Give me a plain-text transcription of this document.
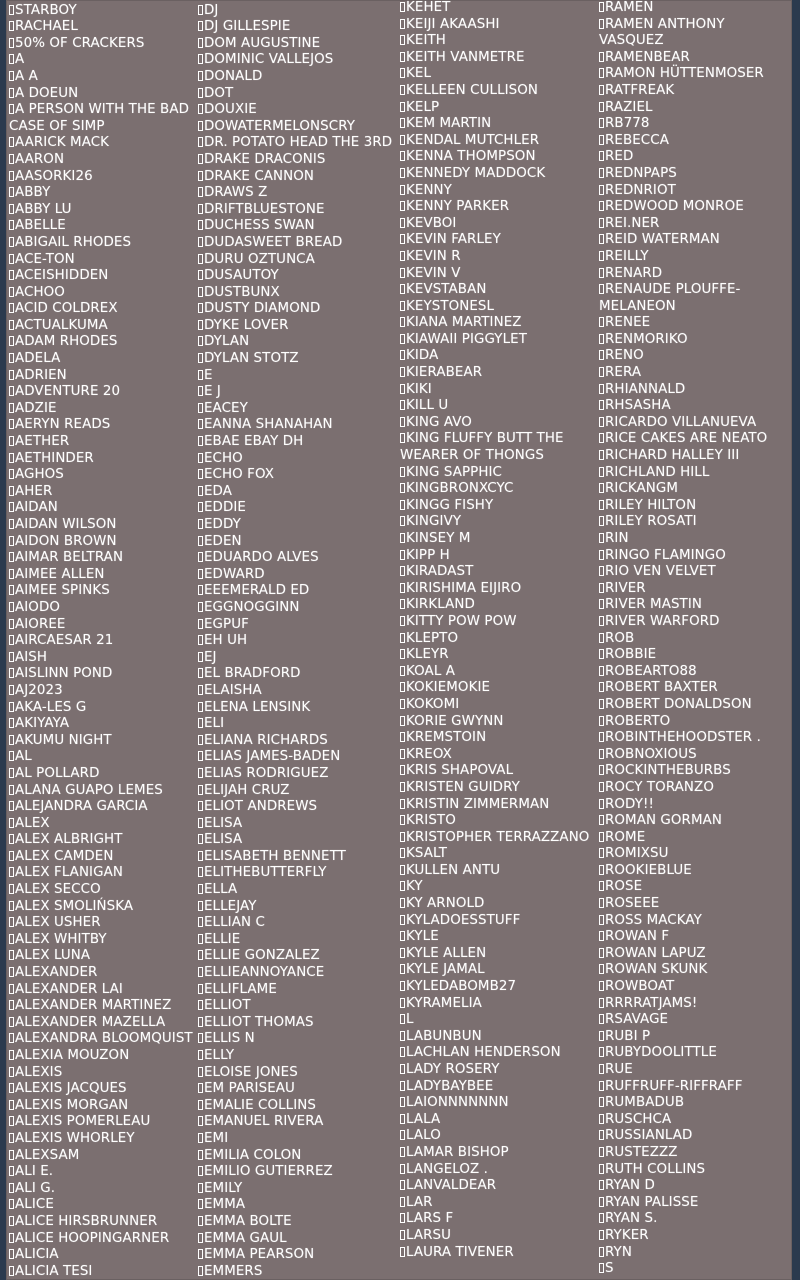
STARBOY
RACHAEL
50% OF CRACKERS
A
A A
A DOEUN
A PERSON WITH THE BAD CASE OF SIMP
AARICK MACK
AARON
AASORKI26
ABBY
ABBY LU
ABELLE
ABIGAIL RHODES
ACE-TON
ACEISHIDDEN
ACHOO
ACID COLDREX
ACTUALKUMA
ADAM RHODES
ADELA
ADRIEN
ADVENTURE 20
ADZIE
AERYN READS
AETHER
AETHINDER
AGHOS
AHER
AIDAN
AIDAN WILSON
AIDON BROWN
AIMAR BELTRAN
AIMEE ALLEN
AIMEE SPINKS
AIODO
AIOREE
AIRCAESAR 21
AISH
AISLINN POND
AJ2023
AKA-LES G
AKIYAYA
AKUMU NIGHT
AL
AL POLLARD
ALANA GUAPO LEMES
ALEJANDRA GARCIA
ALEX
ALEX ALBRIGHT
ALEX CAMDEN
ALEX FLANIGAN
ALEX SECCO
ALEX SMOLIŃSKA
ALEX USHER
ALEX WHITBY
ALEX LUNA
ALEXANDER
ALEXANDER LAI
ALEXANDER MARTINEZ
ALEXANDER MAZELLA
ALEXANDRA BLOOMQUIST
ALEXIA MOUZON
ALEXIS
ALEXIS JACQUES
ALEXIS MORGAN
ALEXIS POMERLEAU
ALEXIS WHORLEY
ALEXSAM
ALI E.
ALI G.
ALICE
ALICE HIRSBRUNNER
ALICE HOOPINGARNER
ALICIA
ALICIA TESI
DJ
DJ GILLESPIE
DOM AUGUSTINE
DOMINIC VALLEJOS
DONALD
DOT
DOUXIE
DOWATERMELONSCRY
DR. POTATO HEAD THE 3RD
DRAKE DRACONIS
DRAKE CANNON
DRAWS Z
DRIFTBLUESTONE
DUCHESS SWAN
DUDASWEET BREAD
DURU OZTUNCA
DUSAUTOY
DUSTBUNX
DUSTY DIAMOND
DYKE LOVER
DYLAN
DYLAN STOTZ
E
E J
EACEY
EANNA SHANAHAN
EBAE EBAY DH
ECHO
ECHO FOX
EDA
EDDIE
EDDY
EDEN
EDUARDO ALVES
EDWARD
EEEMERALD ED
EGGNOGGINN
EGPUF
EH UH
EJ
EL BRADFORD
ELAISHA
ELENA LENSINK
ELI
ELIANA RICHARDS
ELIAS JAMES-BADEN
ELIAS RODRIGUEZ
ELIJAH CRUZ
ELIOT ANDREWS
ELISA
ELISA
ELISABETH BENNETT
ELITHEBUTTERFLY
ELLA
ELLEJAY
ELLIAN C
ELLIE
ELLIE GONZALEZ
ELLIEANNOYANCE
ELLIFLAME
ELLIOT
ELLIOT THOMAS
ELLIS N
ELLY
ELOISE JONES
EM PARISEAU
EMALIE COLLINS
EMANUEL RIVERA
EMI
EMILIA COLON
EMILIO GUTIERREZ
EMILY
EMMA
EMMA BOLTE
EMMA GAUL
EMMA PEARSON
EMMERS
KEHET
KEIJI AKAASHI
KEITH
KEITH VANMETRE
KEL
KELLEEN CULLISON
KELP
KEM MARTIN
KENDAL MUTCHLER
KENNA THOMPSON
KENNEDY MADDOCK
KENNY
KENNY PARKER
KEVBOI
KEVIN FARLEY
KEVIN R
KEVIN V
KEVSTABAN
KEYSTONESL
KIANA MARTINEZ
KIAWAII PIGGYLET
KIDA
KIERABEAR
KIKI
KILL U
KING AVO
KING FLUFFY BUTT THE WEARER OF THONGS
KING SAPPHIC
KINGBRONXCYC
KINGG FISHY
KINGIVY
KINSEY M
KIPP H
KIRADAST
KIRISHIMA EIJIRO
KIRKLAND
KITTY POW POW
KLEPTO
KLEYR
KOAL A
KOKIEMOKIE
KOKOMI
KORIE GWYNN
KREMSTOIN
KREOX
KRIS SHAPOVAL
KRISTEN GUIDRY
KRISTIN ZIMMERMAN
KRISTO
KRISTOPHER TERRAZZANO
KSALT
KULLEN ANTU
KY
KY ARNOLD
KYLADOESSTUFF
KYLE
KYLE ALLEN
KYLE JAMAL
KYLEDABOMB27
KYRAMELIA
L
LABUNBUN
LACHLAN HENDERSON
LADY ROSERY
LADYBAYBEE
LAIONNNNNNN
LALA
LALO
LAMAR BISHOP
LANGELOZ .
LANVALDEAR
LAR
LARS F
LARSU
LAURA TIVENER
RAMEN
RAMEN ANTHONY VASQUEZ
RAMENBEAR
RAMON HÜTTENMOSER
RATFREAK
RAZIEL
RB778
REBECCA
RED
REDNPAPS
REDNRIOT
REDWOOD MONROE
REI.NER
REID WATERMAN
REILLY
RENARD
RENAUDE PLOUFFE-MELANEON
RENEE
RENMORIKO
RENO
RERA
RHIANNALD
RHSASHA
RICARDO VILLANUEVA
RICE CAKES ARE NEATO
RICHARD HALLEY III
RICHLAND HILL
RICKANGM
RILEY HILTON
RILEY ROSATI
RIN
RINGO FLAMINGO
RIO VEN VELVET
RIVER
RIVER MASTIN
RIVER WARFORD
ROB
ROBBIE
ROBEARTO88
ROBERT BAXTER
ROBERT DONALDSON
ROBERTO
ROBINTHEHOODSTER .
ROBNOXIOUS
ROCKINTHEBURBS
ROCY TORANZO
RODY!!
ROMAN GORMAN
ROME
ROMIXSU
ROOKIEBLUE
ROSE
ROSEEE
ROSS MACKAY
ROWAN F
ROWAN LAPUZ
ROWAN SKUNK
ROWBOAT
RRRRATJAMS!
RSAVAGE
RUBI P
RUBYDOOLITTLE
RUE
RUFFRUFF-RIFFRAFF
RUMBADUB
RUSCHCA
RUSSIANLAD
RUSTEZZZ
RUTH COLLINS
RYAN D
RYAN PALISSE
RYAN S.
RYKER
RYN
S
